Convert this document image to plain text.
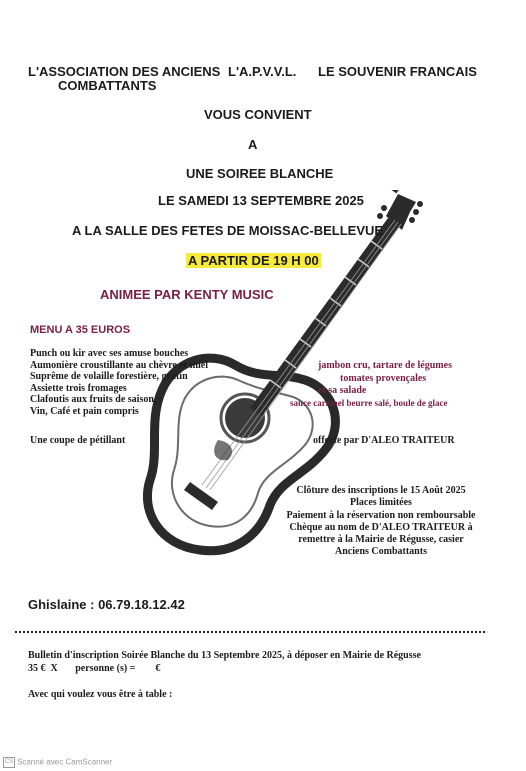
L'ASSOCIATION DES ANCIENS
COMBATTANTS
L'A.P.V.V.L. LE SOUVENIR FRANCAIS
VOUS CONVIENT
A
UNE SOIREE BLANCHE
LE SAMEDI 13 SEPTEMBRE 2025
A LA SALLE DES FETES DE MOISSAC-BELLEVUE
A PARTIR DE 19 H 00
ANIMEE PAR KENTY MUSIC
MENU A 35 EUROS
Punch ou kir avec ses amuse bouches
Aumonière croustillante au chèvre et miel
Suprême de volaille forestière, gratin
Assiette trois fromages
Clafoutis aux fruits de saison,
Vin, Café et pain compris
jambon cru, tartare de légumes
tomates provençales
et sa salade
sauce caramel beurre salé, boule de glace
Une coupe de pétillant	offerte par D'ALEO TRAITEUR
Clôture des inscriptions le 15 Août 2025
Places limitées
Paiement à la réservation non remboursable
Chèque au nom de D'ALEO TRAITEUR à
remettre à la Mairie de Régusse, casier
Anciens Combattants
Ghislaine : 06.79.18.12.42
Bulletin d'inscription Soirée Blanche du 13 Septembre 2025, à déposer en Mairie de Régusse
35 €  X       personne (s) =        €
Avec qui voulez vous être à table :
CS Scanné avec CamScanner
